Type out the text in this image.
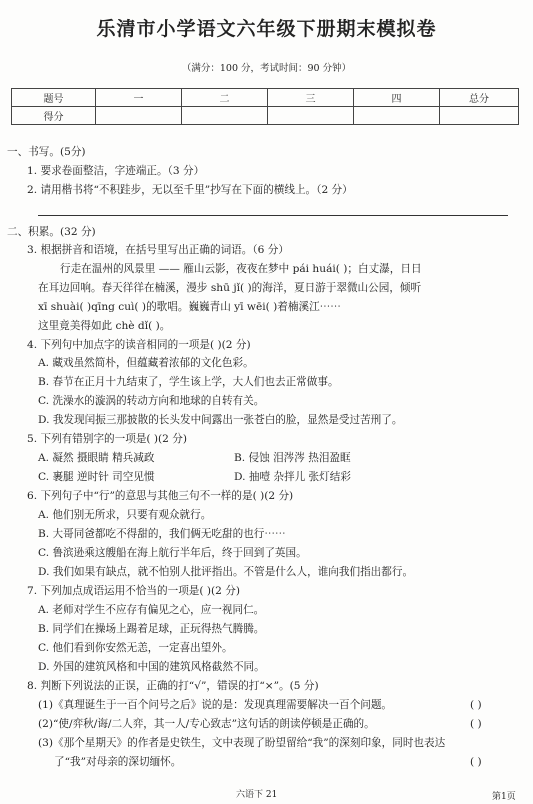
乐清市小学语文六年级下册期末模拟卷
（满分：100 分，考试时间：90 分钟）
题号	一	二	三	四	总分
得分					
一、书写。(5分)
1. 要求卷面整洁，字迹端正。（3 分）
2. 请用楷书将“不积跬步，无以至千里”抄写在下面的横线上。（2 分）
二、积累。(32 分)
3. 根据拼音和语境，在括号里写出正确的词语。（6 分）
行走在温州的风景里 —— 雁山云影，夜夜在梦中 pái huái( )；白丈瀑，日日
在耳边回响。春天徉徉在楠溪，漫步 shū jǐ( )的海洋，夏日游于翠微山公园，倾听
xī shuài( )qīng cuì( )的歌唱。巍巍青山 yī wēi( )着楠溪江⋯⋯
这里竟美得如此 chè dǐ( )。
4. 下列句中加点字的读音相同的一项是( )(2 分)
A. 藏戏虽然简朴，但蕴藏着浓郁的文化色彩。
B. 春节在正月十九结束了，学生该上学，大人们也去正常做事。
C. 洗澡水的漩涡的转动方向和地球的自转有关。
D. 我发现闰振三那披散的长头发中间露出一张苍白的脸，显然是受过苦刑了。
5. 下列有错别字的一项是( )(2 分)
A. 凝然 摄眼睛 精兵减政	B. 侵蚀 泪涔涔 热泪盈眶
C. 裹腿 逆时针 司空见惯	D. 抽噎 杂拌儿 张灯结彩
6. 下列句子中“行”的意思与其他三句不一样的是( )(2 分)
A. 他们别无所求，只要有观众就行。
B. 大哥同爸都吃不得甜的，我们俩无吃甜的也行⋯⋯
C. 鲁滨逊乘这艘船在海上航行半年后，终于回到了英国。
D. 我们如果有缺点，就不怕别人批评指出。不管是什么人，谁向我们指出都行。
7. 下列加点成语运用不恰当的一项是( )(2 分)
A. 老师对学生不应存有偏见之心，应一视同仁。
B. 同学们在操场上踢着足球，正玩得热气腾腾。
C. 他们看到你安然无恙，一定喜出望外。
D. 外国的建筑风格和中国的建筑风格截然不同。
8. 判断下列说法的正误，正确的打“√”，错误的打“×”。(5 分)
(1)《真理诞生于一百个问号之后》说的是：发现真理需要解决一百个问题。	( )
(2)“使/弈秋/诲/二人弈，其一人/专心致志”这句话的朗读停顿是正确的。	( )
(3)《那个星期天》的作者是史铁生，文中表现了盼望留给“我”的深刻印象，同时也表达
了“我”对母亲的深切缅怀。	( )
六语下 21	第1页
